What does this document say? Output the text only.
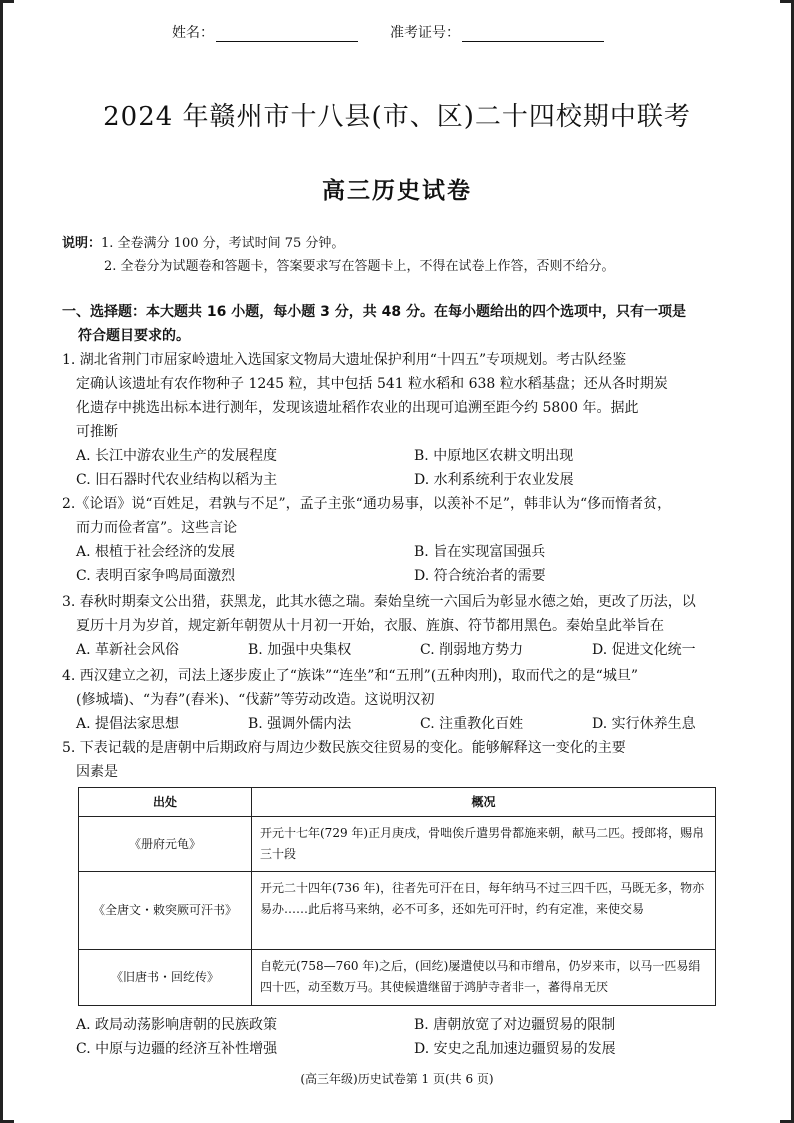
姓名：	准考证号：
2024 年赣州市十八县(市、区)二十四校期中联考
高三历史试卷
说明：1. 全卷满分 100 分，考试时间 75 分钟。
2. 全卷分为试题卷和答题卡，答案要求写在答题卡上，不得在试卷上作答，否则不给分。
一、选择题：本大题共 16 小题，每小题 3 分，共 48 分。在每小题给出的四个选项中，只有一项是
符合题目要求的。
1. 湖北省荆门市屈家岭遗址入选国家文物局大遗址保护利用“十四五”专项规划。考古队经鉴
定确认该遗址有农作物种子 1245 粒，其中包括 541 粒水稻和 638 粒水稻基盘；还从各时期炭
化遗存中挑选出标本进行测年，发现该遗址稻作农业的出现可追溯至距今约 5800 年。据此
可推断
A. 长江中游农业生产的发展程度	B. 中原地区农耕文明出现
C. 旧石器时代农业结构以稻为主	D. 水利系统利于农业发展
2.《论语》说“百姓足，君孰与不足”，孟子主张“通功易事，以羡补不足”，韩非认为“侈而惰者贫，
而力而俭者富”。这些言论
A. 根植于社会经济的发展	B. 旨在实现富国强兵
C. 表明百家争鸣局面激烈	D. 符合统治者的需要
3. 春秋时期秦文公出猎，获黑龙，此其水德之瑞。秦始皇统一六国后为彰显水德之始，更改了历法，以
夏历十月为岁首，规定新年朝贺从十月初一开始，衣服、旌旗、符节都用黑色。秦始皇此举旨在
A. 革新社会风俗	B. 加强中央集权	C. 削弱地方势力	D. 促进文化统一
4. 西汉建立之初，司法上逐步废止了“族诛”“连坐”和“五刑”(五种肉刑)，取而代之的是“城旦”
(修城墙)、“为舂”(舂米)、“伐薪”等劳动改造。这说明汉初
A. 提倡法家思想	B. 强调外儒内法	C. 注重教化百姓	D. 实行休养生息
5. 下表记载的是唐朝中后期政府与周边少数民族交往贸易的变化。能够解释这一变化的主要
因素是
出处	概况
《册府元龟》	开元十七年(729 年)正月庚戌，骨咄俟斤遣男骨都施来朝，献马二匹。授郎将，赐帛三十段
《全唐文・敕突厥可汗书》	开元二十四年(736 年)，往者先可汗在日，每年纳马不过三四千匹，马既无多，物亦易办……此后将马来纳，必不可多，还如先可汗时，约有定准，来使交易
《旧唐书・回纥传》	自乾元(758—760 年)之后，(回纥)屡遣使以马和市缯帛，仍岁来市，以马一匹易绢四十匹，动至数万马。其使候遣继留于鸿胪寺者非一，蕃得帛无厌
A. 政局动荡影响唐朝的民族政策	B. 唐朝放宽了对边疆贸易的限制
C. 中原与边疆的经济互补性增强	D. 安史之乱加速边疆贸易的发展
(高三年级)历史试卷第 1 页(共 6 页)
